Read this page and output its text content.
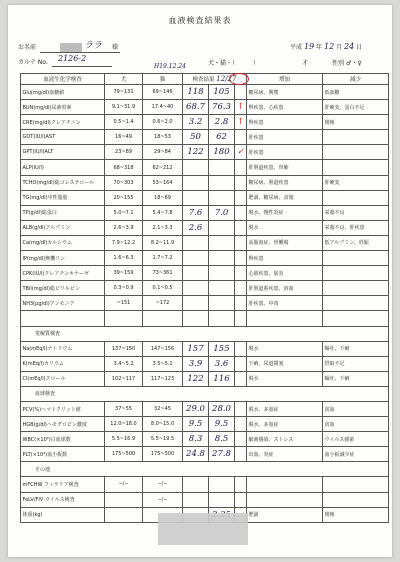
血液検査結果表
お名前	ララ 様	平成 19 年 12 月 24 日
カルテ No. 2126-2
犬・猫・（　　　）	才	性別 ♂・♀
H19.12.24
血液生化学検査	犬	猫	検査結果 12/27			増加	減少
Glu(mg/dl)血糖値	79~131	69~146	118	105		糖尿病、興奮	低血糖
BUN(mg/dl)尿素窒素	9.1~31.9	17.4~40	68.7	76.3	↑	腎疾患、心疾患	肝硬変、蛋白不足
CRE(mg/dl)クレアチニン	0.5~1.4	0.6~2.0	3.2	2.8	↑	腎疾患	削痩
GOT(IU/l)AST	16~49	18~53	50	62		肝疾患	
GPT(IU/l)ALT	23~89	29~84	122	180	✓	肝疾患	
ALP(IU/l)	68~318	62~212				肝胆道疾患、骨肺	
TCHO(mg/dl)総コレステロール	70~303	53~164				糖尿病、胆道疾患	肝硬変
TG(mg/dl)中性脂肪	20~155	18~69				肥満、糖尿病、食後	
TP(g/dl)総蛋白	5.0~7.1	5.4~7.8	7.6	7.0		脱水、慢性炎症	栄養不良
ALB(g/dl)アルブミン	2.6~3.9	2.1~3.3	2.6			脱水	栄養不良、肝疾患
Ca(mg/dl)カルシウム	7.9~12.2	8.2~11.9				高脂血症、骨腫瘍	低アルブミン、妊娠
IP(mg/dl)無機リン	1.6~6.3	1.7~7.2				腎疾患	
CPK(IU/l)クレアチンキナーゼ	39~159	73~361				心筋疾患、筋炎	
TBil(mg/dl)総ビリルビン	0.3~0.9	0.1~0.5				肝胆道系疾患、溶血	
NH3(μg/dl)アンモニア	~151	~172				肝疾患、中毒	

電解質検査							
Na(mEq/l)ナトリウム	137~150	147~156	157	155		脱水	嘔吐、下痢
K(mEq/l)カリウム	3.4~5.2	3.5~5.1	3.9	3.6		下痢、尿道閉塞	摂取不足
Cl(mEq/l)クロール	102~117	117~123	122	116		脱水	嘔吐、下痢
血球検査							
PCV(%)ヘマトクリット値	37~55	32~45	29.0	28.0		脱水、多血症	貧血
HGB(g/dl)ヘモグロビン濃度	12.0~18.0	8.0~15.0	9.5	9.5		脱水、多血症	貧血
WBC(×10²)白血球数	5.5~16.9	5.5~19.5	8.3	8.5		細菌感染、ストレス	ウイルス感染
PLT(×10⁴)血小板数	175~500	175~500	24.8	27.8		出血、炎症	血小板減少症
その他							
mFCHW フィラリア検査	−/−	−/−					
FeLV/FIV ウイルス検査		−/−					
体重(kg)						肥満	削痩
